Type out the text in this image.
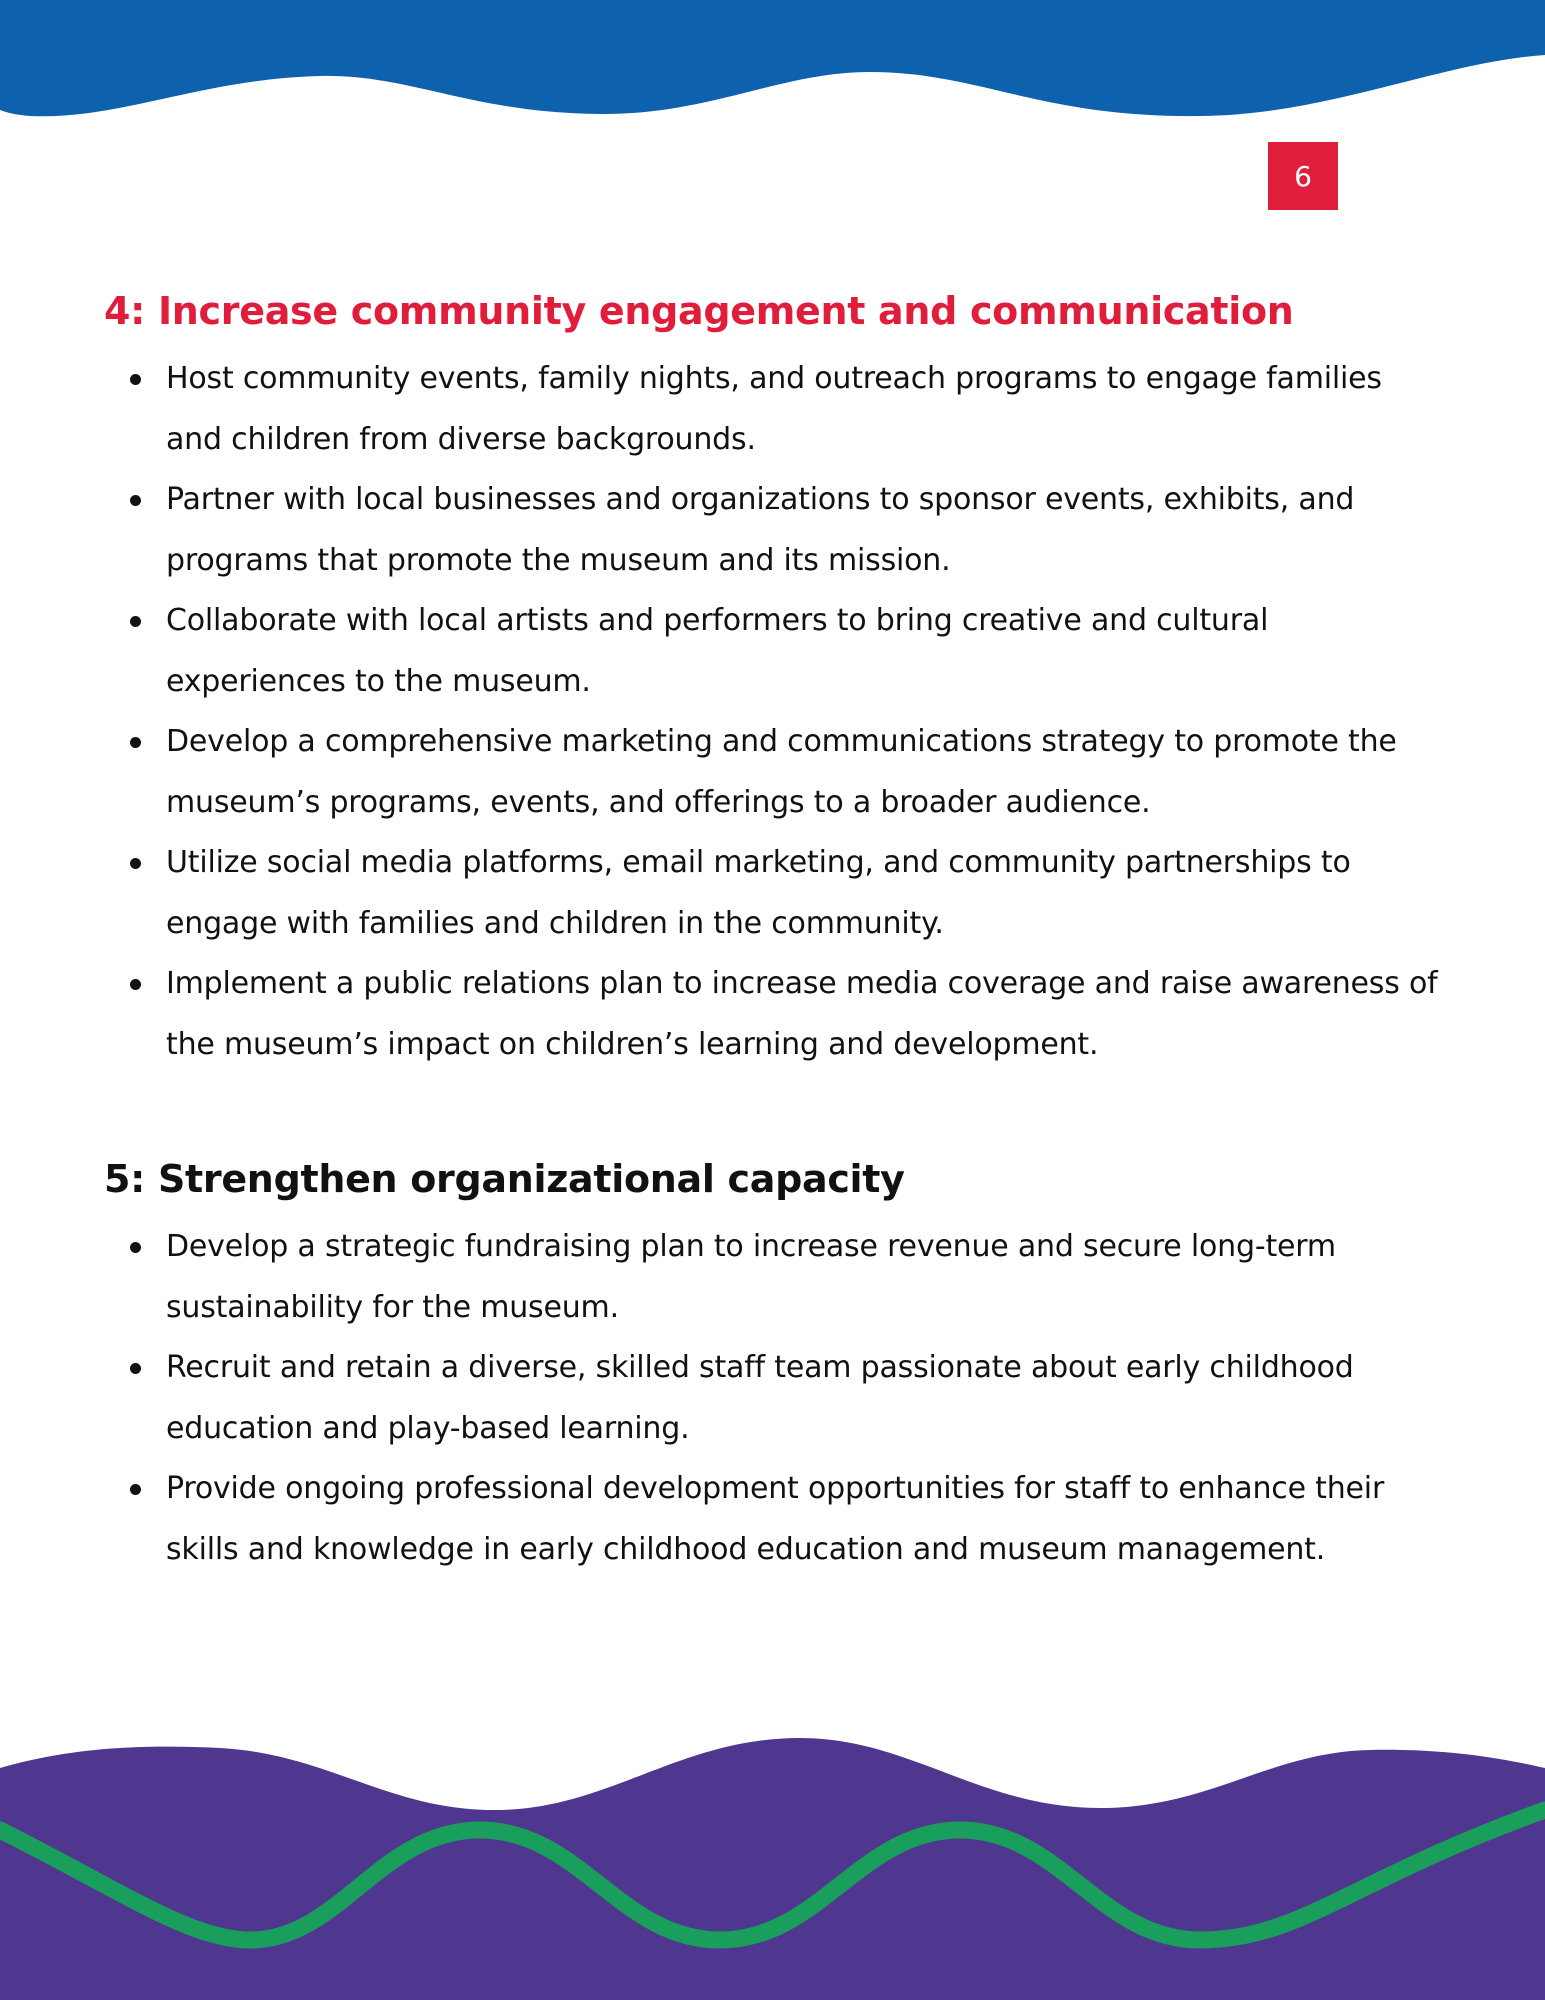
6
4: Increase community engagement and communication
Host community events, family nights, and outreach programs to engage families and children from diverse backgrounds.
Partner with local businesses and organizations to sponsor events, exhibits, and programs that promote the museum and its mission.
Collaborate with local artists and performers to bring creative and cultural experiences to the museum.
Develop a comprehensive marketing and communications strategy to promote the museum’s programs, events, and offerings to a broader audience.
Utilize social media platforms, email marketing, and community partnerships to engage with families and children in the community.
Implement a public relations plan to increase media coverage and raise awareness of the museum’s impact on children’s learning and development.
5: Strengthen organizational capacity
Develop a strategic fundraising plan to increase revenue and secure long-term sustainability for the museum.
Recruit and retain a diverse, skilled staff team passionate about early childhood education and play-based learning.
Provide ongoing professional development opportunities for staff to enhance their skills and knowledge in early childhood education and museum management.
